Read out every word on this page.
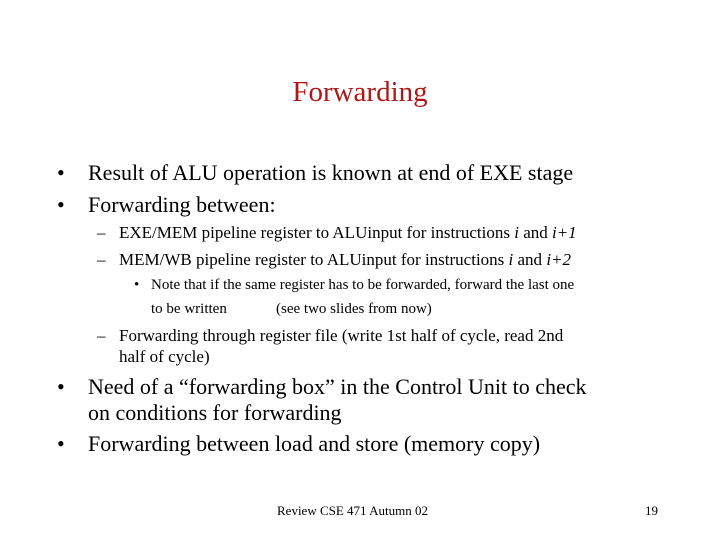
Forwarding
• Result of ALU operation is known at end of EXE stage
• Forwarding between:
– EXE/MEM pipeline register to ALUinput for instructions i and i+1
– MEM/WB pipeline register to ALUinput for instructions i and i+2
• Note that if the same register has to be forwarded, forward the last one
to be written	(see two slides from now)
– Forwarding through register file (write 1st half of cycle, read 2nd
half of cycle)
• Need of a “forwarding box” in the Control Unit to check
on conditions for forwarding
• Forwarding between load and store (memory copy)
Review CSE 471 Autumn 02	19
